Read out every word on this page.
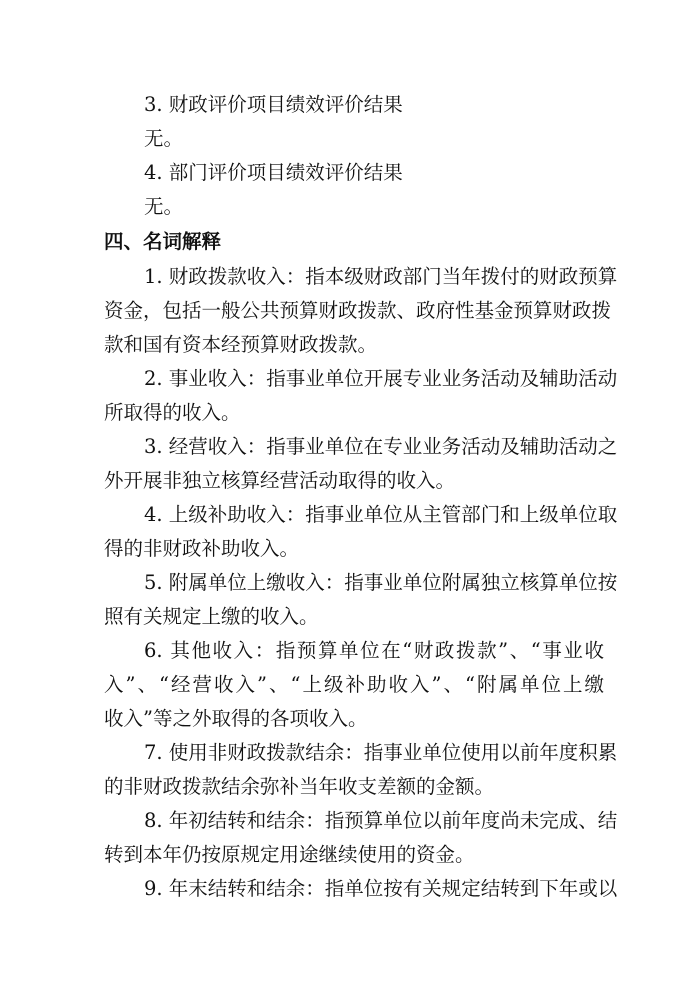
3. 财政评价项目绩效评价结果

无。

4. 部门评价项目绩效评价结果

无。

四、名词解释

1. 财政拨款收入：指本级财政部门当年拨付的财政预算

资金，包括一般公共预算财政拨款、政府性基金预算财政拨

款和国有资本经预算财政拨款。

2. 事业收入：指事业单位开展专业业务活动及辅助活动

所取得的收入。

3. 经营收入：指事业单位在专业业务活动及辅助活动之

外开展非独立核算经营活动取得的收入。

4. 上级补助收入：指事业单位从主管部门和上级单位取

得的非财政补助收入。

5. 附属单位上缴收入：指事业单位附属独立核算单位按

照有关规定上缴的收入。

6. 其他收入：指预算单位在“财政拨款”、“事业收

入”、“经营收入”、“上级补助收入”、“附属单位上缴

收入”等之外取得的各项收入。

7. 使用非财政拨款结余：指事业单位使用以前年度积累

的非财政拨款结余弥补当年收支差额的金额。

8. 年初结转和结余：指预算单位以前年度尚未完成、结

转到本年仍按原规定用途继续使用的资金。

9. 年末结转和结余：指单位按有关规定结转到下年或以
